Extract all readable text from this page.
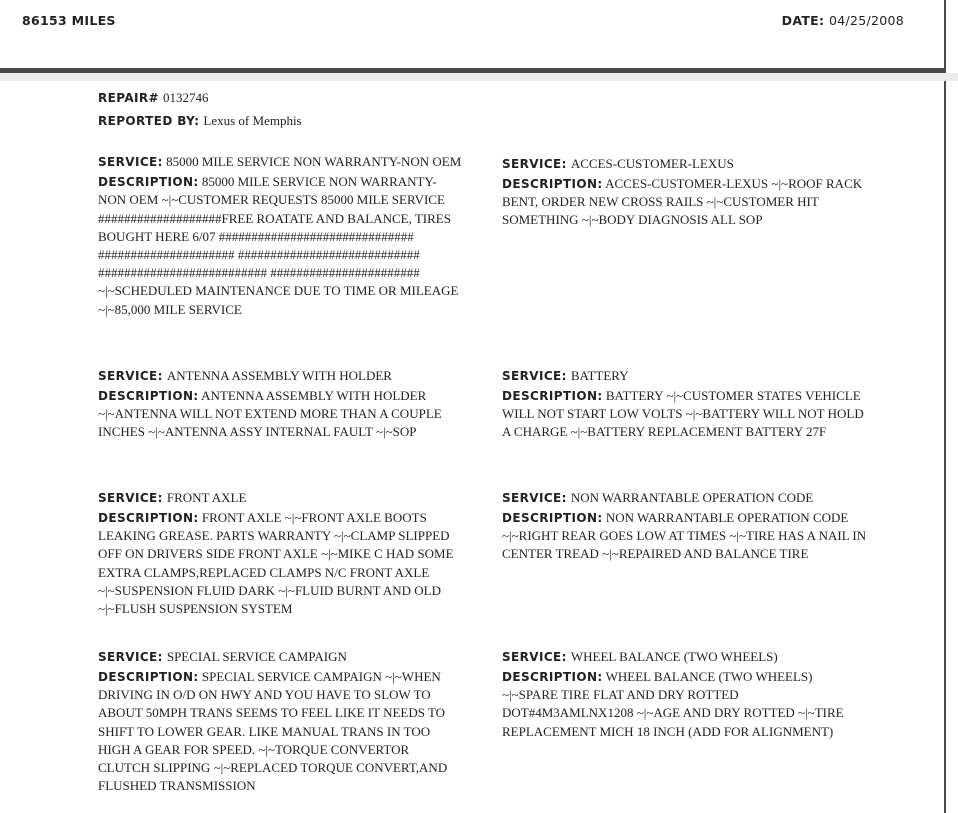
86153 MILES	DATE: 04/25/2008
REPAIR# 0132746
REPORTED BY: Lexus of Memphis
SERVICE: 85000 MILE SERVICE NON WARRANTY-NON OEM
DESCRIPTION: 85000 MILE SERVICE NON WARRANTY-NON OEM ~|~CUSTOMER REQUESTS 85000 MILE SERVICE ###################FREE ROATATE AND BALANCE, TIRES BOUGHT HERE 6/07 ############################## ##################### ############################ ########################## ####################### ~|~SCHEDULED MAINTENANCE DUE TO TIME OR MILEAGE ~|~85,000 MILE SERVICE
SERVICE: ACCES-CUSTOMER-LEXUS
DESCRIPTION: ACCES-CUSTOMER-LEXUS ~|~ROOF RACK BENT, ORDER NEW CROSS RAILS ~|~CUSTOMER HIT SOMETHING ~|~BODY DIAGNOSIS ALL SOP
SERVICE: ANTENNA ASSEMBLY WITH HOLDER
DESCRIPTION: ANTENNA ASSEMBLY WITH HOLDER ~|~ANTENNA WILL NOT EXTEND MORE THAN A COUPLE INCHES ~|~ANTENNA ASSY INTERNAL FAULT ~|~SOP
SERVICE: BATTERY
DESCRIPTION: BATTERY ~|~CUSTOMER STATES VEHICLE WILL NOT START LOW VOLTS ~|~BATTERY WILL NOT HOLD A CHARGE ~|~BATTERY REPLACEMENT BATTERY 27F
SERVICE: FRONT AXLE
DESCRIPTION: FRONT AXLE ~|~FRONT AXLE BOOTS LEAKING GREASE. PARTS WARRANTY ~|~CLAMP SLIPPED OFF ON DRIVERS SIDE FRONT AXLE ~|~MIKE C HAD SOME EXTRA CLAMPS,REPLACED CLAMPS N/C FRONT AXLE ~|~SUSPENSION FLUID DARK ~|~FLUID BURNT AND OLD ~|~FLUSH SUSPENSION SYSTEM
SERVICE: NON WARRANTABLE OPERATION CODE
DESCRIPTION: NON WARRANTABLE OPERATION CODE ~|~RIGHT REAR GOES LOW AT TIMES ~|~TIRE HAS A NAIL IN CENTER TREAD ~|~REPAIRED AND BALANCE TIRE
SERVICE: SPECIAL SERVICE CAMPAIGN
DESCRIPTION: SPECIAL SERVICE CAMPAIGN ~|~WHEN DRIVING IN O/D ON HWY AND YOU HAVE TO SLOW TO ABOUT 50MPH TRANS SEEMS TO FEEL LIKE IT NEEDS TO SHIFT TO LOWER GEAR. LIKE MANUAL TRANS IN TOO HIGH A GEAR FOR SPEED. ~|~TORQUE CONVERTOR CLUTCH SLIPPING ~|~REPLACED TORQUE CONVERT,AND FLUSHED TRANSMISSION
SERVICE: WHEEL BALANCE (TWO WHEELS)
DESCRIPTION: WHEEL BALANCE (TWO WHEELS) ~|~SPARE TIRE FLAT AND DRY ROTTED DOT#4M3AMLNX1208 ~|~AGE AND DRY ROTTED ~|~TIRE REPLACEMENT MICH 18 INCH (ADD FOR ALIGNMENT)
